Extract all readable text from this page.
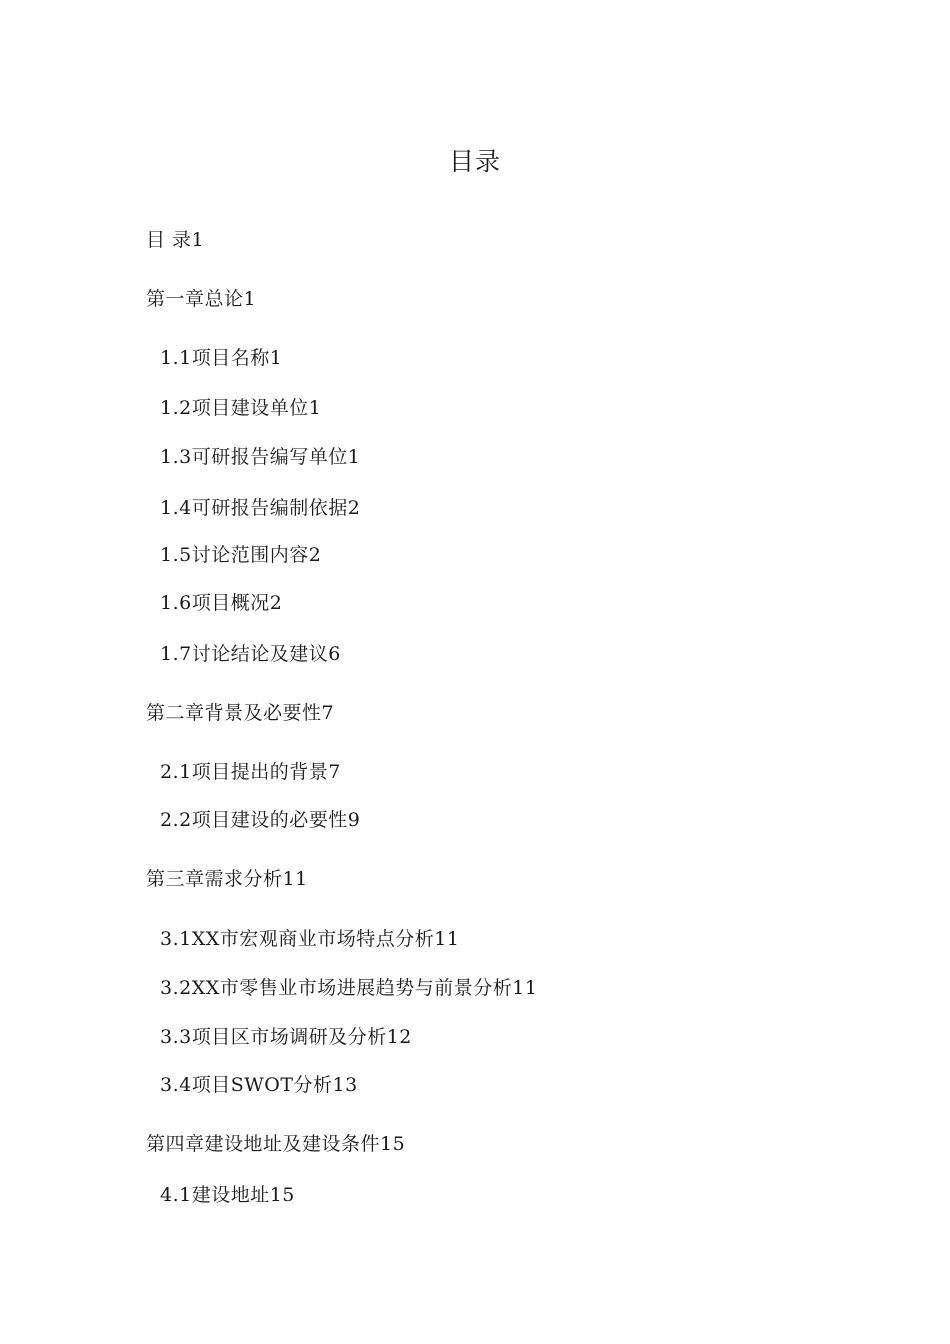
目录
目 录1
第一章总论1
1.1项目名称1
1.2项目建设单位1
1.3可研报告编写单位1
1.4可研报告编制依据2
1.5讨论范围内容2
1.6项目概况2
1.7讨论结论及建议6
第二章背景及必要性7
2.1项目提出的背景7
2.2项目建设的必要性9
第三章需求分析11
3.1XX市宏观商业市场特点分析11
3.2XX市零售业市场进展趋势与前景分析11
3.3项目区市场调研及分析12
3.4项目SWOT分析13
第四章建设地址及建设条件15
4.1建设地址15
